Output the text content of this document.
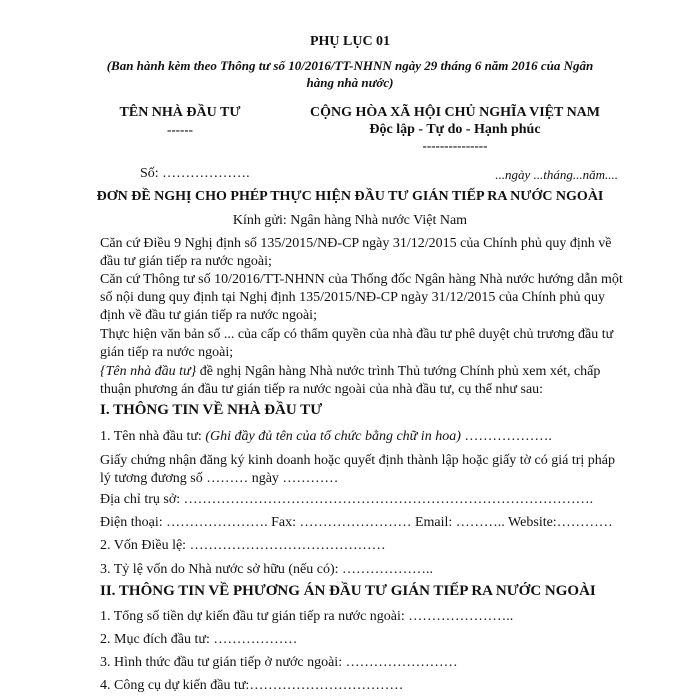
PHỤ LỤC 01
(Ban hành kèm theo Thông tư số 10/2016/TT-NHNN ngày 29 tháng 6 năm 2016 của Ngân
hàng nhà nước)
TÊN NHÀ ĐẦU TƯ
------
CỘNG HÒA XÃ HỘI CHỦ NGHĨA VIỆT NAM
Độc lập - Tự do - Hạnh phúc
---------------
Số: ……………….	...ngày ...tháng...năm....
ĐƠN ĐỀ NGHỊ CHO PHÉP THỰC HIỆN ĐẦU TƯ GIÁN TIẾP RA NƯỚC NGOÀI
Kính gửi: Ngân hàng Nhà nước Việt Nam
Căn cứ Điều 9 Nghị định số 135/2015/NĐ-CP ngày 31/12/2015 của Chính phủ quy định về
đầu tư gián tiếp ra nước ngoài;
Căn cứ Thông tư số 10/2016/TT-NHNN của Thống đốc Ngân hàng Nhà nước hướng dẫn một
số nội dung quy định tại Nghị định 135/2015/NĐ-CP ngày 31/12/2015 của Chính phủ quy
định về đầu tư gián tiếp ra nước ngoài;
Thực hiện văn bản số ... của cấp có thẩm quyền của nhà đầu tư phê duyệt chủ trương đầu tư
gián tiếp ra nước ngoài;
{Tên nhà đầu tư} đề nghị Ngân hàng Nhà nước trình Thủ tướng Chính phủ xem xét, chấp
thuận phương án đầu tư gián tiếp ra nước ngoài của nhà đầu tư, cụ thể như sau:
I. THÔNG TIN VỀ NHÀ ĐẦU TƯ
1. Tên nhà đầu tư: (Ghi đầy đủ tên của tổ chức bằng chữ in hoa) ……………….
Giấy chứng nhận đăng ký kinh doanh hoặc quyết định thành lập hoặc giấy tờ có giá trị pháp
lý tương đương số ……… ngày …………
Địa chỉ trụ sở: …………………………………………………………………………….
Điện thoại: …………………. Fax: …………………… Email: ……….. Website:…………
2. Vốn Điều lệ: ……………………………………
3. Tỷ lệ vốn do Nhà nước sở hữu (nếu có): ………………..
II. THÔNG TIN VỀ PHƯƠNG ÁN ĐẦU TƯ GIÁN TIẾP RA NƯỚC NGOÀI
1. Tổng số tiền dự kiến đầu tư gián tiếp ra nước ngoài: …………………..
2. Mục đích đầu tư: ………………
3. Hình thức đầu tư gián tiếp ở nước ngoài: ……………………
4. Công cụ dự kiến đầu tư:……………………………
